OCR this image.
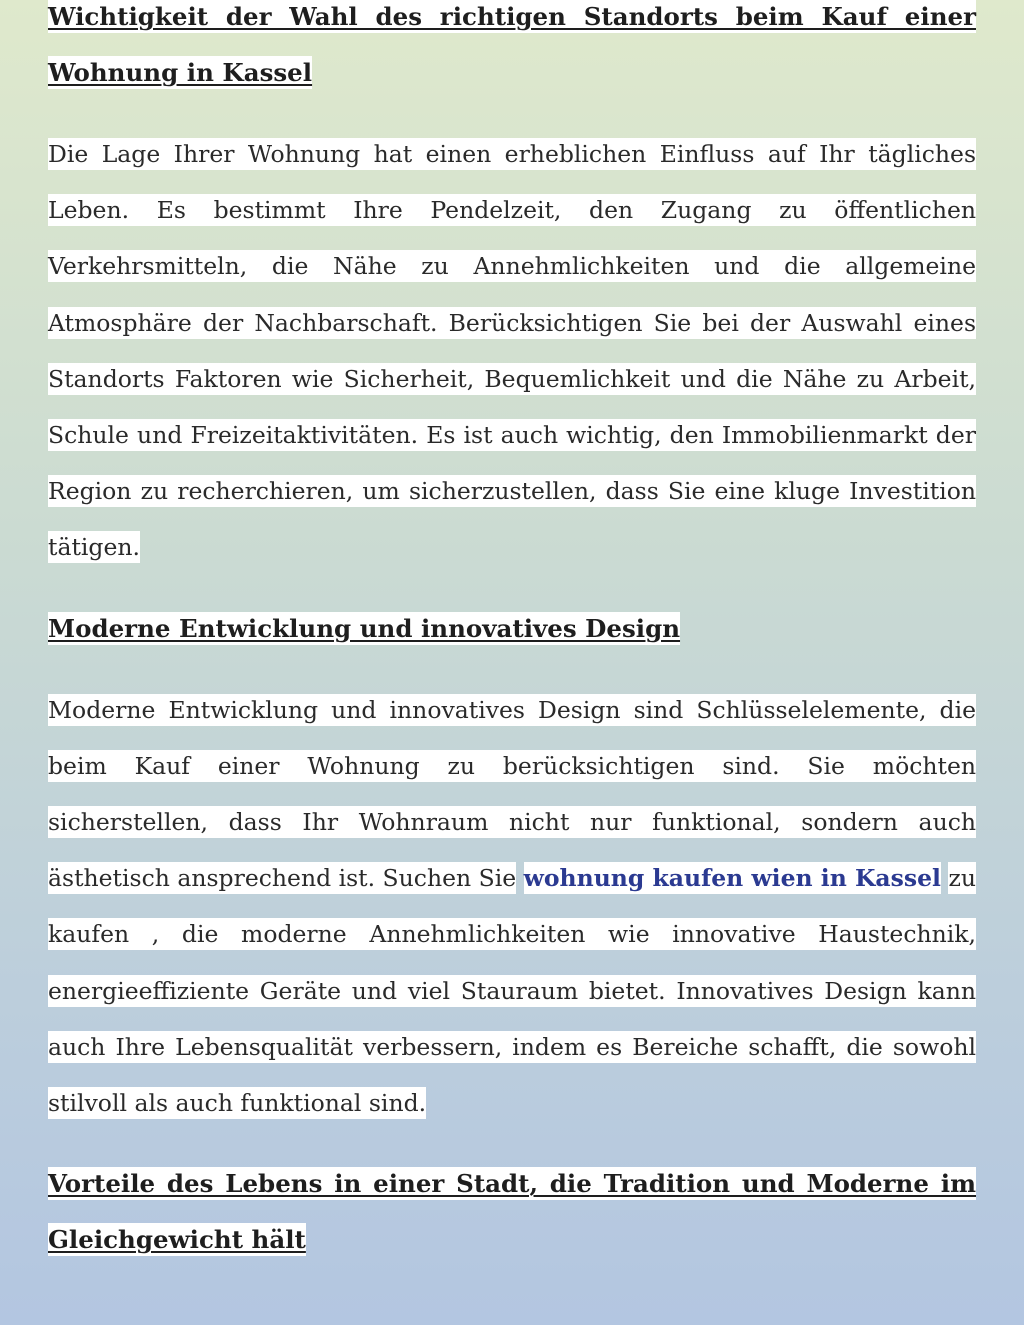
Wichtigkeit der Wahl des richtigen Standorts beim Kauf einer Wohnung in Kassel

Die Lage Ihrer Wohnung hat einen erheblichen Einfluss auf Ihr tägliches Leben. Es bestimmt Ihre Pendelzeit, den Zugang zu öffentlichen Verkehrsmitteln, die Nähe zu Annehmlichkeiten und die allgemeine Atmosphäre der Nachbarschaft. Berücksichtigen Sie bei der Auswahl eines Standorts Faktoren wie Sicherheit, Bequemlichkeit und die Nähe zu Arbeit, Schule und Freizeitaktivitäten. Es ist auch wichtig, den Immobilienmarkt der Region zu recherchieren, um sicherzustellen, dass Sie eine kluge Investition tätigen.

Moderne Entwicklung und innovatives Design

Moderne Entwicklung und innovatives Design sind Schlüsselelemente, die beim Kauf einer Wohnung zu berücksichtigen sind. Sie möchten sicherstellen, dass Ihr Wohnraum nicht nur funktional, sondern auch ästhetisch ansprechend ist. Suchen Sie wohnung kaufen wien in Kassel zu kaufen , die moderne Annehmlichkeiten wie innovative Haustechnik, energieeffiziente Geräte und viel Stauraum bietet. Innovatives Design kann auch Ihre Lebensqualität verbessern, indem es Bereiche schafft, die sowohl stilvoll als auch funktional sind.

Vorteile des Lebens in einer Stadt, die Tradition und Moderne im Gleichgewicht hält
